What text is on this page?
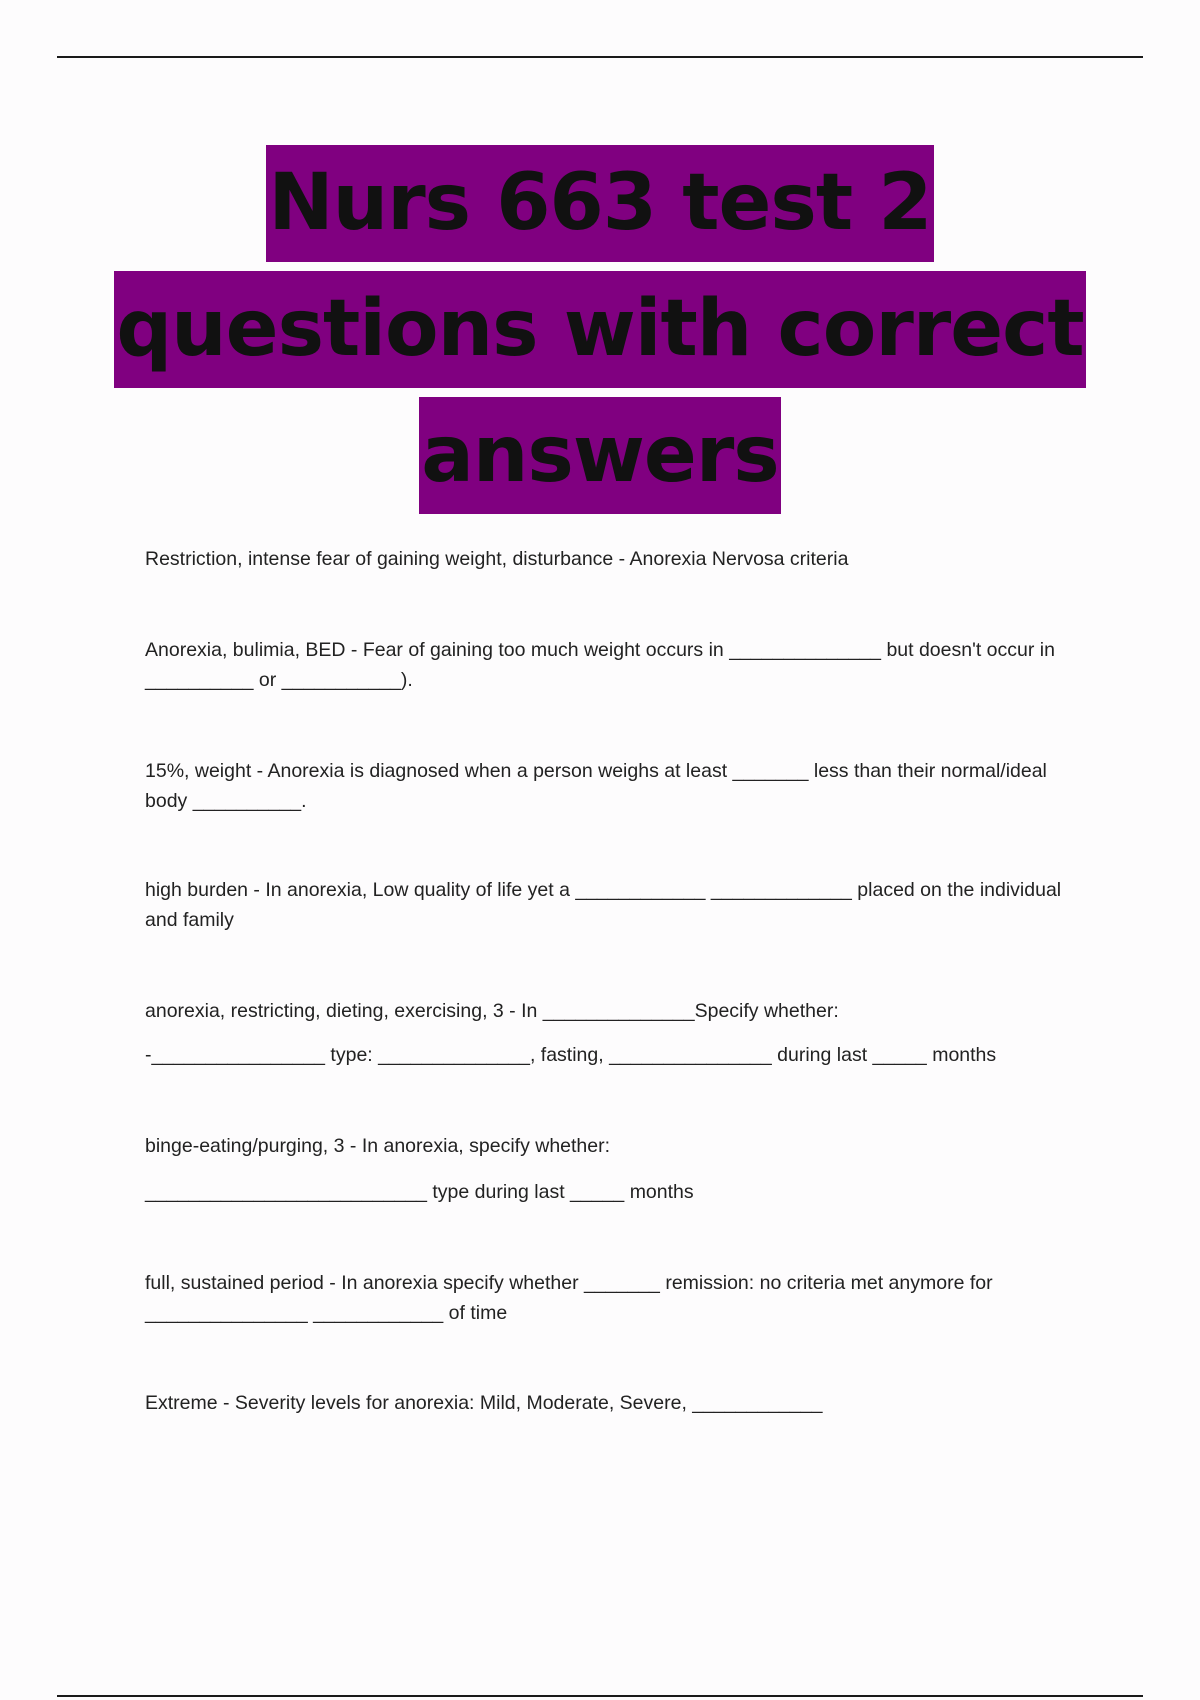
Nurs 663 test 2
questions with correct
answers

Restriction, intense fear of gaining weight, disturbance - Anorexia Nervosa criteria

Anorexia, bulimia, BED - Fear of gaining too much weight occurs in ______________ but doesn't occur in
__________ or ___________).

15%, weight - Anorexia is diagnosed when a person weighs at least _______ less than their normal/ideal
body __________.

high burden - In anorexia, Low quality of life yet a ____________ _____________ placed on the individual
and family

anorexia, restricting, dieting, exercising, 3 - In ______________Specify whether:

-________________ type: ______________, fasting, _______________ during last _____ months

binge-eating/purging, 3 - In anorexia, specify whether:

__________________________ type during last _____ months

full, sustained period - In anorexia specify whether _______ remission: no criteria met anymore for
_______________ ____________ of time

Extreme - Severity levels for anorexia: Mild, Moderate, Severe, ____________
